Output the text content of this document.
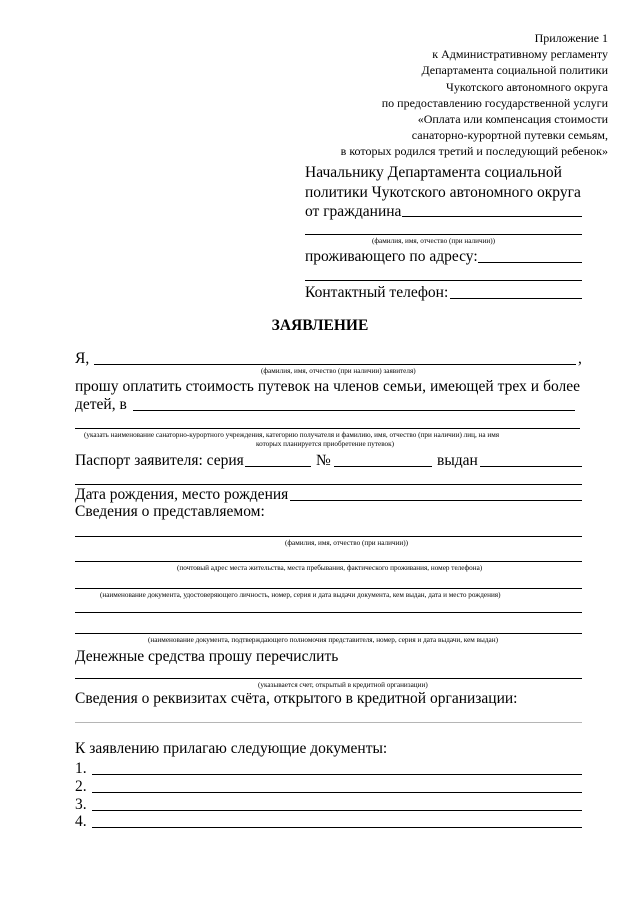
Приложение 1
к Административному регламенту
Департамента социальной политики
Чукотского автономного округа
по предоставлению государственной услуги
«Оплата или компенсация стоимости
санаторно-курортной путевки семьям,
в которых родился третий и последующий ребенок»
Начальнику Департамента социальной
политики Чукотского автономного округа
от гражданина
(фамилия, имя, отчество (при наличии))
проживающего по адресу:
Контактный телефон:
ЗАЯВЛЕНИЕ
Я,	,
(фамилия, имя, отчество (при наличии) заявителя)
прошу оплатить стоимость путевок на членов семьи, имеющей трех и более
детей, в
(указать наименование санаторно-курортного учреждения, категорию получателя и фамилию, имя, отчество (при наличии) лиц, на имя
которых планируется приобретение путевок)
Паспорт заявителя: серия	№	выдан
Дата рождения, место рождения
Сведения о представляемом:
(фамилия, имя, отчество (при наличии))
(почтовый адрес места жительства, места пребывания, фактического проживания, номер телефона)
(наименование документа, удостоверяющего личность, номер, серия и дата выдачи документа, кем выдан, дата и место рождения)
(наименование документа, подтверждающего полномочия представителя, номер, серия и дата выдачи, кем выдан)
Денежные средства прошу перечислить
(указывается счет, открытый в кредитной организации)
Сведения о реквизитах счёта, открытого в кредитной организации:
К заявлению прилагаю следующие документы:
1.
2.
3.
4.
